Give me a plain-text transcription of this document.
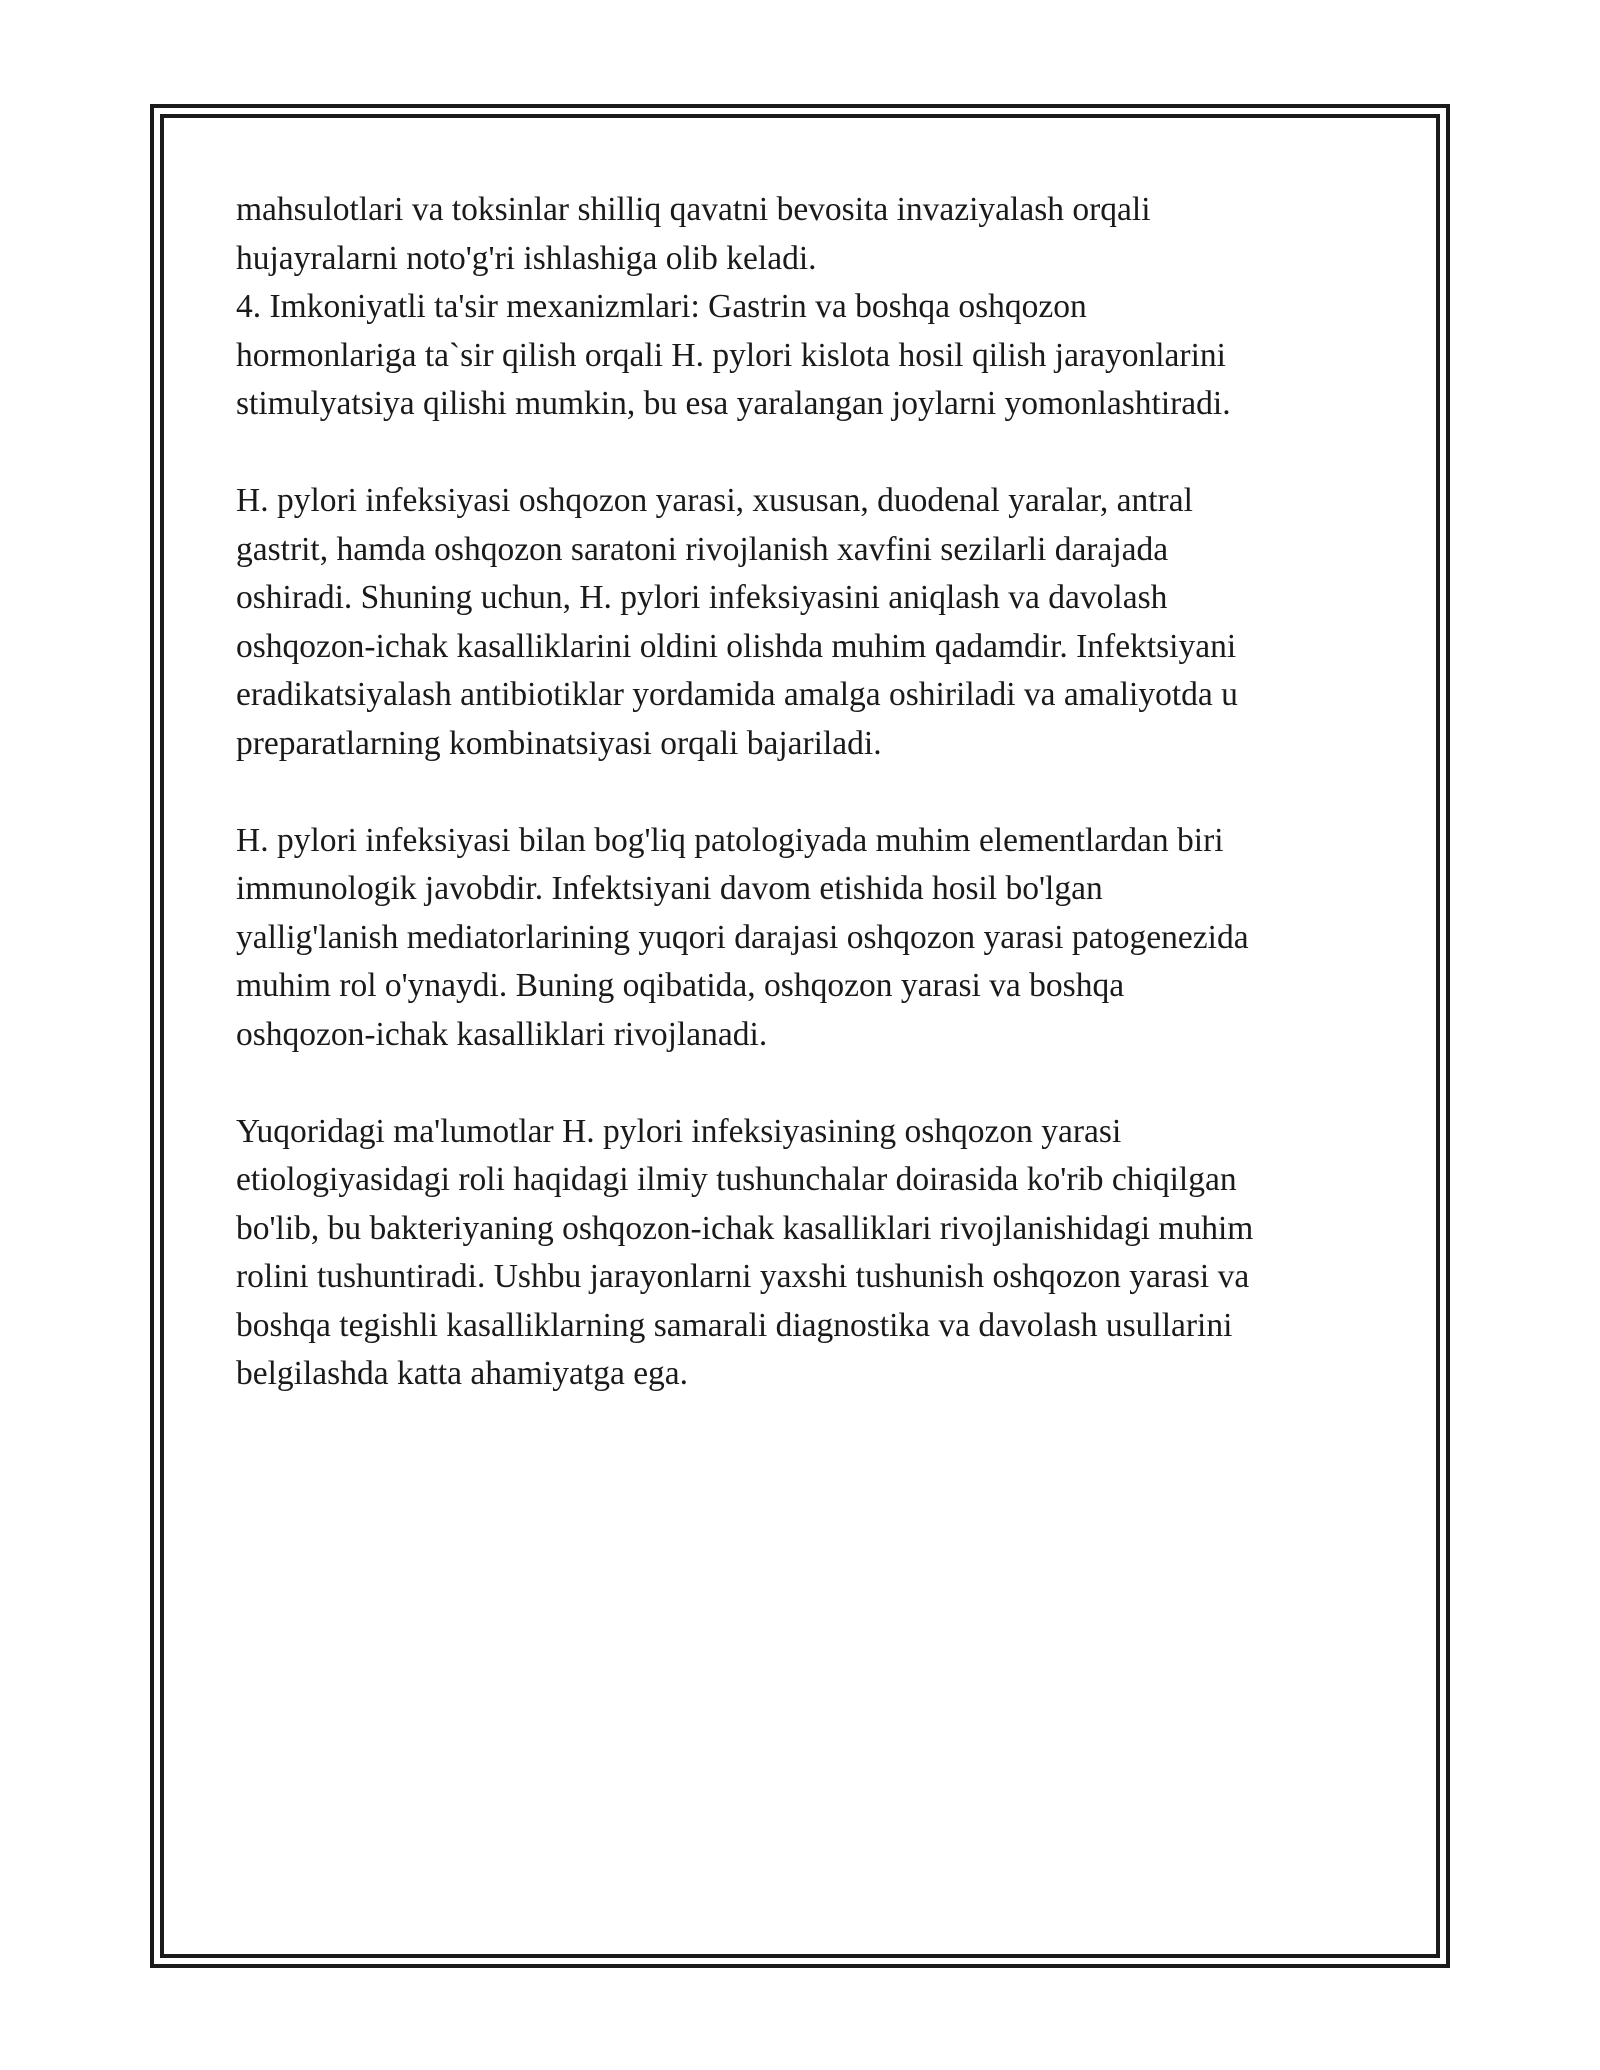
mahsulotlari va toksinlar shilliq qavatni bevosita invaziyalash orqali
hujayralarni noto'g'ri ishlashiga olib keladi.
4. Imkoniyatli ta'sir mexanizmlari: Gastrin va boshqa oshqozon
hormonlariga ta`sir qilish orqali H. pylori kislota hosil qilish jarayonlarini
stimulyatsiya qilishi mumkin, bu esa yaralangan joylarni yomonlashtiradi.

H. pylori infeksiyasi oshqozon yarasi, xususan, duodenal yaralar, antral
gastrit, hamda oshqozon saratoni rivojlanish xavfini sezilarli darajada
oshiradi. Shuning uchun, H. pylori infeksiyasini aniqlash va davolash
oshqozon-ichak kasalliklarini oldini olishda muhim qadamdir. Infektsiyani
eradikatsiyalash antibiotiklar yordamida amalga oshiriladi va amaliyotda u
preparatlarning kombinatsiyasi orqali bajariladi.

H. pylori infeksiyasi bilan bog'liq patologiyada muhim elementlardan biri
immunologik javobdir. Infektsiyani davom etishida hosil bo'lgan
yallig'lanish mediatorlarining yuqori darajasi oshqozon yarasi patogenezida
muhim rol o'ynaydi. Buning oqibatida, oshqozon yarasi va boshqa
oshqozon-ichak kasalliklari rivojlanadi.

Yuqoridagi ma'lumotlar H. pylori infeksiyasining oshqozon yarasi
etiologiyasidagi roli haqidagi ilmiy tushunchalar doirasida ko'rib chiqilgan
bo'lib, bu bakteriyaning oshqozon-ichak kasalliklari rivojlanishidagi muhim
rolini tushuntiradi. Ushbu jarayonlarni yaxshi tushunish oshqozon yarasi va
boshqa tegishli kasalliklarning samarali diagnostika va davolash usullarini
belgilashda katta ahamiyatga ega.
